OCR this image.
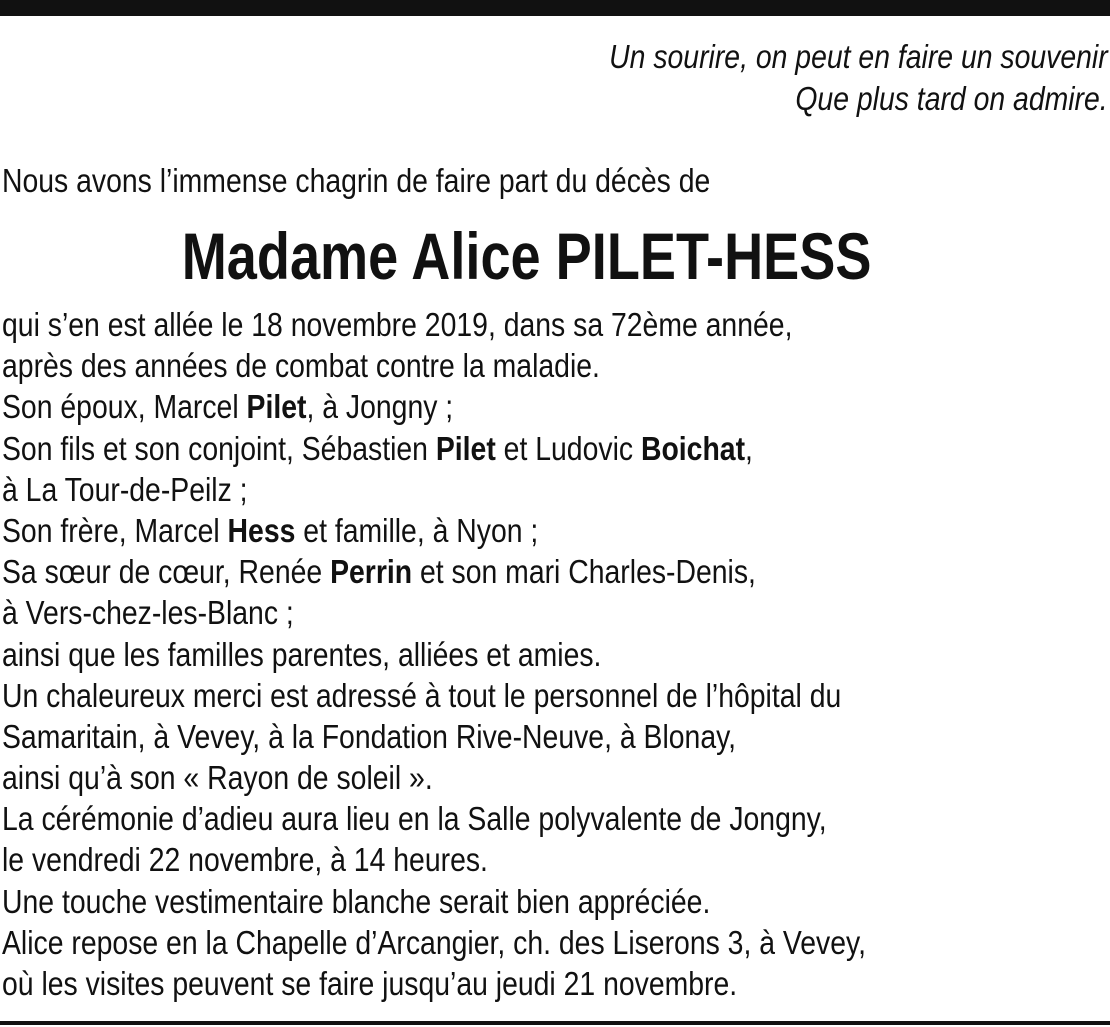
Un sourire, on peut en faire un souvenir
Que plus tard on admire.
Nous avons l’immense chagrin de faire part du décès de
Madame Alice PILET-HESS
qui s’en est allée le 18 novembre 2019, dans sa 72ème année,
après des années de combat contre la maladie.
Son époux, Marcel Pilet, à Jongny ;
Son fils et son conjoint, Sébastien Pilet et Ludovic Boichat,
à La Tour-de-Peilz ;
Son frère, Marcel Hess et famille, à Nyon ;
Sa sœur de cœur, Renée Perrin et son mari Charles-Denis,
à Vers-chez-les-Blanc ;
ainsi que les familles parentes, alliées et amies.
Un chaleureux merci est adressé à tout le personnel de l’hôpital du
Samaritain, à Vevey, à la Fondation Rive-Neuve, à Blonay,
ainsi qu’à son « Rayon de soleil ».
La cérémonie d’adieu aura lieu en la Salle polyvalente de Jongny,
le vendredi 22 novembre, à 14 heures.
Une touche vestimentaire blanche serait bien appréciée.
Alice repose en la Chapelle d’Arcangier, ch. des Liserons 3, à Vevey,
où les visites peuvent se faire jusqu’au jeudi 21 novembre.
